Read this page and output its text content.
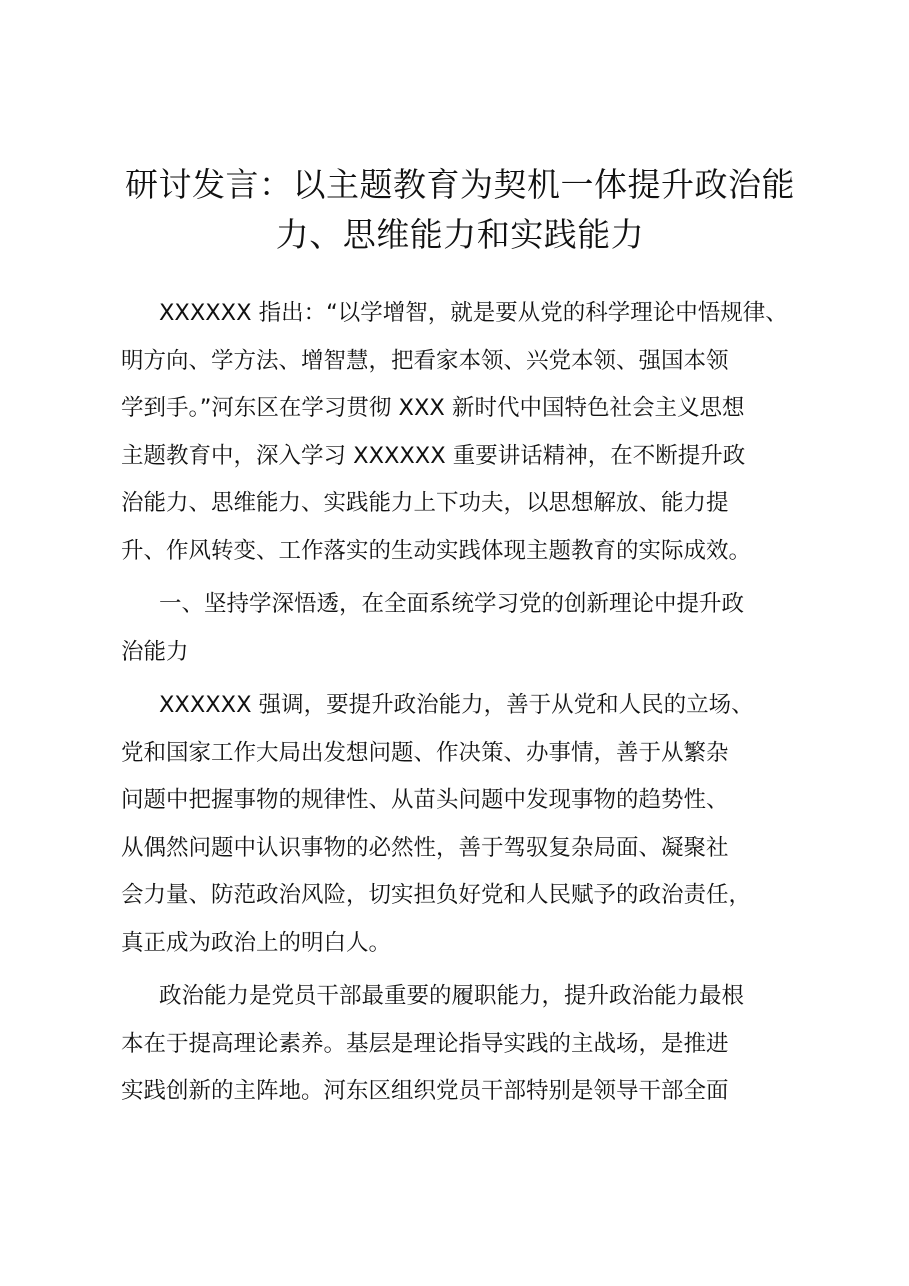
研讨发言：以主题教育为契机一体提升政治能
力、思维能力和实践能力

XXXXXX 指出：“以学增智，就是要从党的科学理论中悟规律、
明方向、学方法、增智慧，把看家本领、兴党本领、强国本领
学到手。”河东区在学习贯彻 XXX 新时代中国特色社会主义思想
主题教育中，深入学习 XXXXXX 重要讲话精神，在不断提升政
治能力、思维能力、实践能力上下功夫，以思想解放、能力提
升、作风转变、工作落实的生动实践体现主题教育的实际成效。

一、坚持学深悟透，在全面系统学习党的创新理论中提升政
治能力

XXXXXX 强调，要提升政治能力，善于从党和人民的立场、
党和国家工作大局出发想问题、作决策、办事情，善于从繁杂
问题中把握事物的规律性、从苗头问题中发现事物的趋势性、
从偶然问题中认识事物的必然性，善于驾驭复杂局面、凝聚社
会力量、防范政治风险，切实担负好党和人民赋予的政治责任，
真正成为政治上的明白人。

政治能力是党员干部最重要的履职能力，提升政治能力最根
本在于提高理论素养。基层是理论指导实践的主战场，是推进
实践创新的主阵地。河东区组织党员干部特别是领导干部全面
